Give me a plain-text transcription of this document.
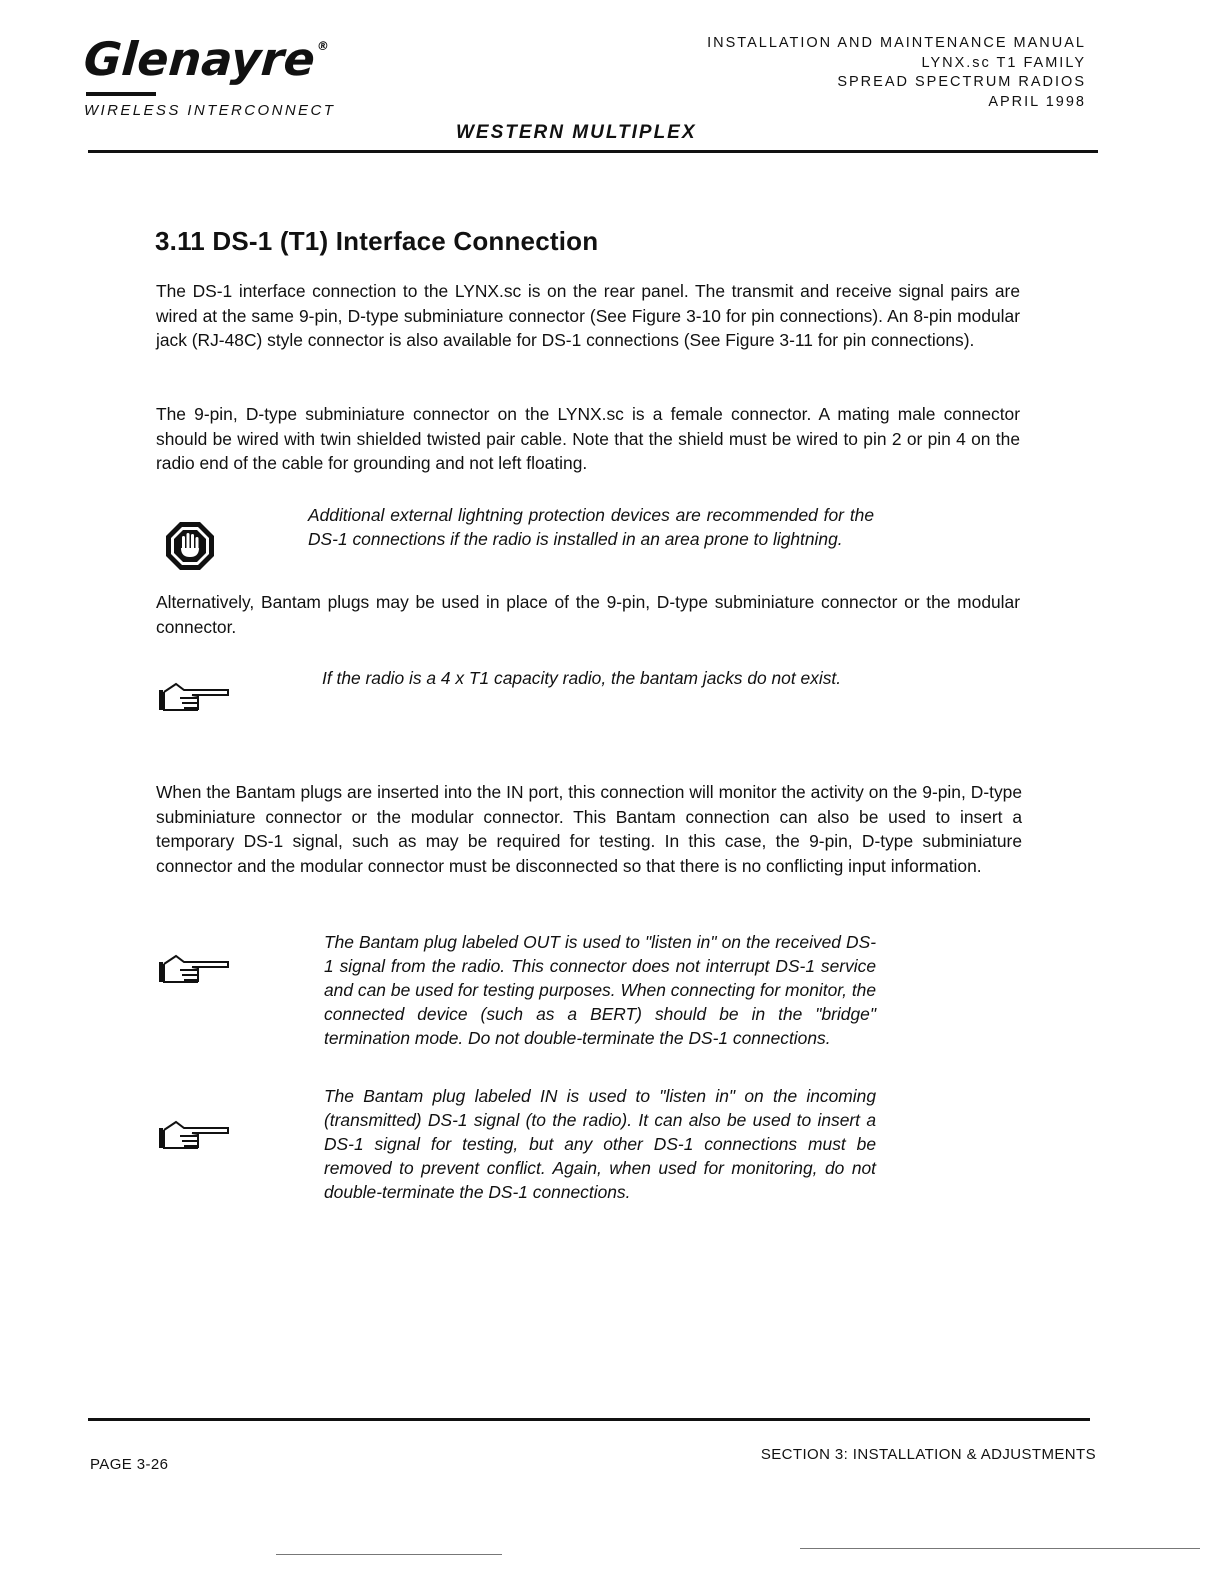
Glenayre®
WIRELESS INTERCONNECT
INSTALLATION AND MAINTENANCE MANUAL
LYNX.sc T1 FAMILY
SPREAD SPECTRUM RADIOS
APRIL 1998
WESTERN MULTIPLEX
3.11 DS-1 (T1) Interface Connection
The DS-1 interface connection to the LYNX.sc is on the rear panel. The transmit and receive signal pairs are wired at the same 9-pin, D-type subminiature connector (See Figure 3-10 for pin connections). An 8-pin modular jack (RJ-48C) style connector is also available for DS-1 connections (See Figure 3-11 for pin connections).
The 9-pin, D-type subminiature connector on the LYNX.sc is a female connector. A mating male connector should be wired with twin shielded twisted pair cable. Note that the shield must be wired to pin 2 or pin 4 on the radio end of the cable for grounding and not left floating.
Additional external lightning protection devices are recommended for the DS-1 connections if the radio is installed in an area prone to lightning.
Alternatively, Bantam plugs may be used in place of the 9-pin, D-type subminiature connector or the modular connector.
If the radio is a 4 x T1 capacity radio, the bantam jacks do not exist.
When the Bantam plugs are inserted into the IN port, this connection will monitor the activity on the 9-pin, D-type subminiature connector or the modular connector. This Bantam connection can also be used to insert a temporary DS-1 signal, such as may be required for testing. In this case, the 9-pin, D-type subminiature connector and the modular connector must be disconnected so that there is no conflicting input information.
The Bantam plug labeled OUT is used to "listen in" on the received DS-1 signal from the radio. This connector does not interrupt DS-1 service and can be used for testing purposes. When connecting for monitor, the connected device (such as a BERT) should be in the "bridge" termination mode. Do not double-terminate the DS-1 connections.
The Bantam plug labeled IN is used to "listen in" on the incoming (transmitted) DS-1 signal (to the radio). It can also be used to insert a DS-1 signal for testing, but any other DS-1 connections must be removed to prevent conflict. Again, when used for monitoring, do not double-terminate the DS-1 connections.
PAGE 3-26
SECTION 3: INSTALLATION & ADJUSTMENTS
